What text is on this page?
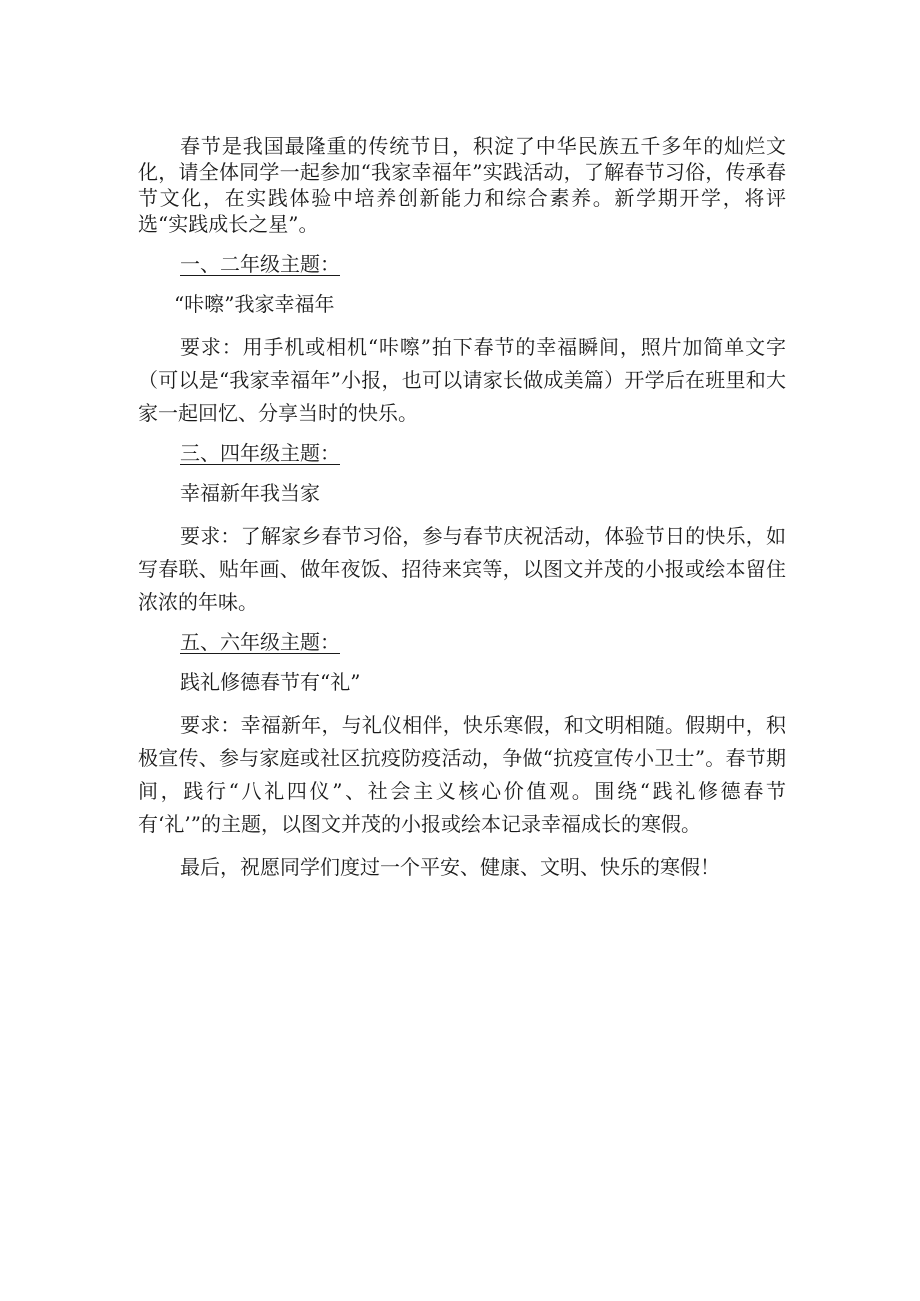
春节是我国最隆重的传统节日，积淀了中华民族五千多年的灿烂文化，请全体同学一起参加“我家幸福年”实践活动，了解春节习俗，传承春节文化，在实践体验中培养创新能力和综合素养。新学期开学，将评选“实践成长之星”。

一、二年级主题：

“咔嚓”我家幸福年

要求：用手机或相机“咔嚓”拍下春节的幸福瞬间，照片加简单文字（可以是“我家幸福年”小报，也可以请家长做成美篇）开学后在班里和大家一起回忆、分享当时的快乐。

三、四年级主题：

幸福新年我当家

要求：了解家乡春节习俗，参与春节庆祝活动，体验节日的快乐，如写春联、贴年画、做年夜饭、招待来宾等，以图文并茂的小报或绘本留住浓浓的年味。

五、六年级主题：

践礼修德春节有“礼”

要求：幸福新年，与礼仪相伴，快乐寒假，和文明相随。假期中，积极宣传、参与家庭或社区抗疫防疫活动，争做“抗疫宣传小卫士”。春节期间，践行“八礼四仪”、社会主义核心价值观。围绕“践礼修德春节有‘礼’”的主题，以图文并茂的小报或绘本记录幸福成长的寒假。

最后，祝愿同学们度过一个平安、健康、文明、快乐的寒假！
